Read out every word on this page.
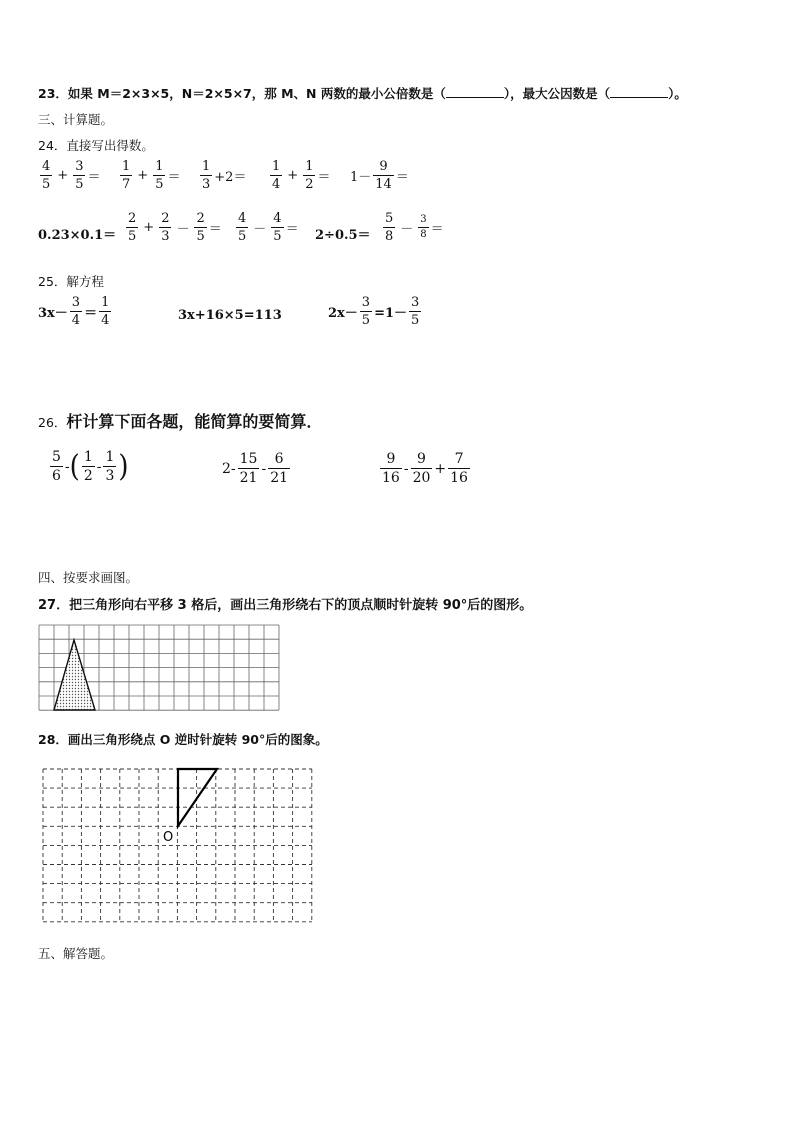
23．如果 M＝2×3×5，N＝2×5×7，那 M、N 两数的最小公倍数是（	），最大公因数是（	）。
三、计算题。
24．直接写出得数。
4
5
+ $\frac{3}{5}$ ＝
1
7
+ $\frac{1}{5}$ ＝
1
3 +2＝
1
4
+ $\frac{1}{2} = 1-$
9
14 ＝
0.23×0.1＝
2
5
+ $\frac{2}{3}$ －
2
5 ＝
4
5 －
4
5 ＝ 2÷0.5＝
5
8 －
3
8 ＝
25．解方程
3x－
3
4 ＝
1
4	3x+16×5=113	$2x- \frac{3}{5} =1-$
3
5
26．杆计算下面各题，能简算的要简算．
5
6
- ( 1
2
-
1
3 )	2-
15
21
-
6
21
9
16
-
9
20
+ $\frac{7}{16}$
四、按要求画图。
27．把三角形向右平移 3 格后，画出三角形绕右下的顶点顺时针旋转 90°后的图形。
28．画出三角形绕点 O 逆时针旋转 90°后的图象。
O
五、解答题。
